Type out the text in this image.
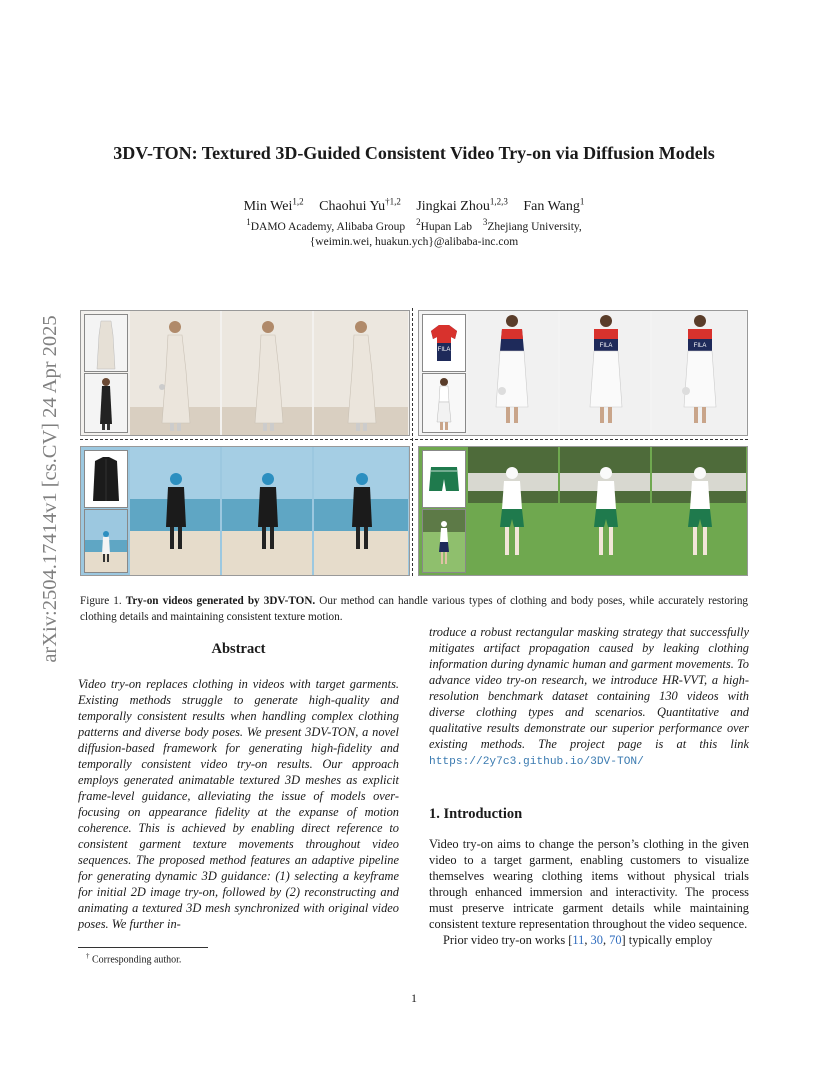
arXiv:2504.17414v1 [cs.CV] 24 Apr 2025
3DV-TON: Textured 3D-Guided Consistent Video Try-on via Diffusion Models
Min Wei$^{1,2}$ Chaohui Yu$^{\dagger 1,2}$ Jingkai Zhou$^{1,2,3}$ Fan Wang$^1$
$^1$DAMO Academy, Alibaba Group $^2$Hupan Lab $^3$Zhejiang University,
{weimin.wei, huakun.ych}@alibaba-inc.com
FILA
FILA	FILA
Figure 1. Try-on videos generated by 3DV-TON. Our method can handle various types of clothing and body poses, while accurately restoring clothing details and maintaining consistent texture motion.
Abstract
Video try-on replaces clothing in videos with target garments. Existing methods struggle to generate high-quality and temporally consistent results when handling complex clothing patterns and diverse body poses. We present 3DV-TON, a novel diffusion-based framework for generating high-fidelity and temporally consistent video try-on results. Our approach employs generated animatable textured 3D meshes as explicit frame-level guidance, alleviating the issue of models over-focusing on appearance fidelity at the expanse of motion coherence. This is achieved by enabling direct reference to consistent garment texture movements throughout video sequences. The proposed method features an adaptive pipeline for generating dynamic 3D guidance: (1) selecting a keyframe for initial 2D image try-on, followed by (2) reconstructing and animating a textured 3D mesh synchronized with original video poses. We further in-
troduce a robust rectangular masking strategy that successfully mitigates artifact propagation caused by leaking clothing information during dynamic human and garment movements. To advance video try-on research, we introduce HR-VVT, a high-resolution benchmark dataset containing 130 videos with diverse clothing types and scenarios. Quantitative and qualitative results demonstrate our superior performance over existing methods. The project page is at this link https://2y7c3.github.io/3DV-TON/
1. Introduction
Video try-on aims to change the person’s clothing in the given video to a target garment, enabling customers to visualize themselves wearing clothing items without physical trials through enhanced immersion and interactivity. The process must preserve intricate garment details while maintaining consistent texture representation throughout the video sequence.
Prior video try-on works [11, 30, 70] typically employ
† Corresponding author.
1
